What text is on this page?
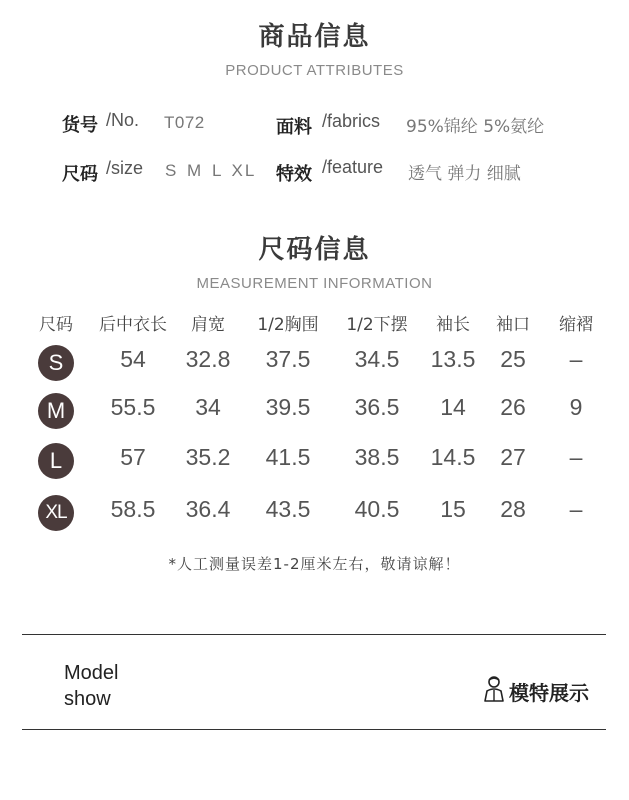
商品信息
PRODUCT ATTRIBUTES
货号 /No. T072	面料 /fabrics 95%锦纶 5%氨纶
尺码 /size S M L XL 特效 /feature 透气 弹力 细腻
尺码信息
MEASUREMENT INFORMATION
尺码	后中衣长	肩宽	1/2胸围	1/2下摆	袖长	袖口	缩褶
S	54	32.8	37.5	34.5	13.5	25	–
M	55.5	34	39.5	36.5	14	26	9
L	57	35.2	41.5	38.5	14.5	27	–
XL	58.5	36.4	43.5	40.5	15	28	–
*人工测量误差1-2厘米左右，敬请谅解！
Model
show	模特展示
